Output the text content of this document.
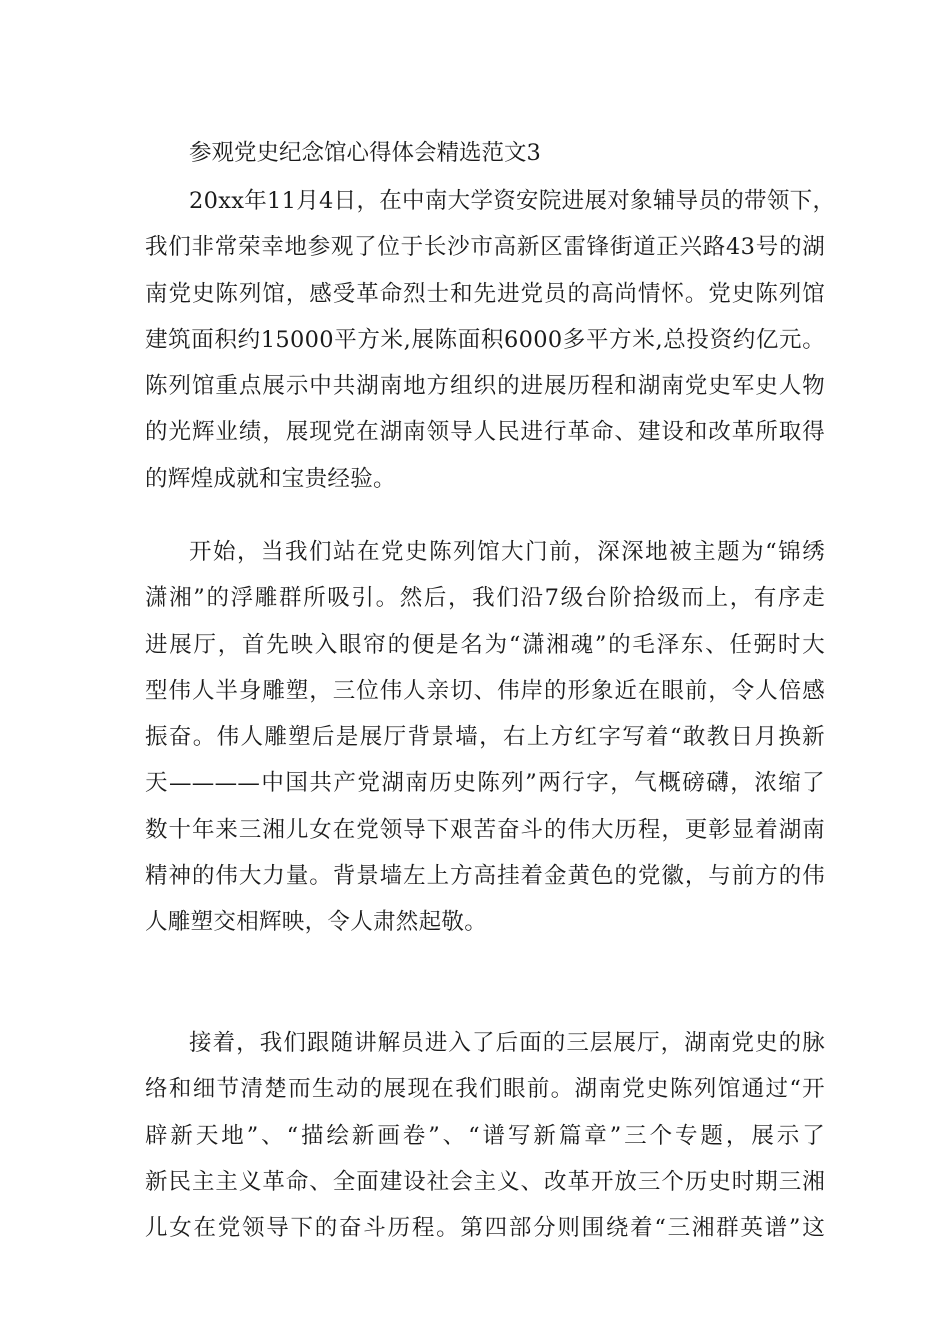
参观党史纪念馆心得体会精选范文3
20xx年11月4日，在中南大学资安院进展对象辅导员的带领下，
我们非常荣幸地参观了位于长沙市高新区雷锋街道正兴路43号的湖
南党史陈列馆，感受革命烈士和先进党员的高尚情怀。党史陈列馆
建筑面积约15000平方米,展陈面积6000多平方米,总投资约亿元。
陈列馆重点展示中共湖南地方组织的进展历程和湖南党史军史人物
的光辉业绩，展现党在湖南领导人民进行革命、建设和改革所取得
的辉煌成就和宝贵经验。
开始，当我们站在党史陈列馆大门前，深深地被主题为“锦绣
潇湘”的浮雕群所吸引。然后，我们沿7级台阶拾级而上，有序走
进展厅，首先映入眼帘的便是名为“潇湘魂”的毛泽东、任弼时大
型伟人半身雕塑，三位伟人亲切、伟岸的形象近在眼前，令人倍感
振奋。伟人雕塑后是展厅背景墙，右上方红字写着“敢教日月换新
天————中国共产党湖南历史陈列”两行字，气概磅礴，浓缩了
数十年来三湘儿女在党领导下艰苦奋斗的伟大历程，更彰显着湖南
精神的伟大力量。背景墙左上方高挂着金黄色的党徽，与前方的伟
人雕塑交相辉映，令人肃然起敬。
接着，我们跟随讲解员进入了后面的三层展厅，湖南党史的脉
络和细节清楚而生动的展现在我们眼前。湖南党史陈列馆通过“开
辟新天地”、“描绘新画卷”、“谱写新篇章”三个专题，展示了
新民主主义革命、全面建设社会主义、改革开放三个历史时期三湘
儿女在党领导下的奋斗历程。第四部分则围绕着“三湘群英谱”这
